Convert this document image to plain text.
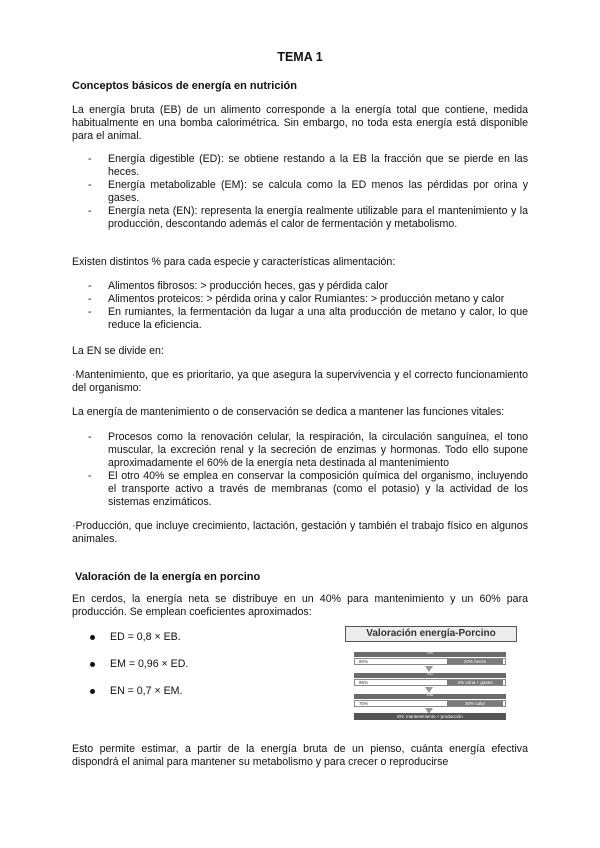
TEMA 1
Conceptos básicos de energía en nutrición
La energía bruta (EB) de un alimento corresponde a la energía total que contiene, medida habitualmente en una bomba calorimétrica. Sin embargo, no toda esta energía está disponible para el animal.
- Energía digestible (ED): se obtiene restando a la EB la fracción que se pierde en las heces.
- Energía metabolizable (EM): se calcula como la ED menos las pérdidas por orina y gases.
- Energía neta (EN): representa la energía realmente utilizable para el mantenimiento y la producción, descontando además el calor de fermentación y metabolismo.
Existen distintos % para cada especie y características alimentación:
- Alimentos fibrosos: > producción heces, gas y pérdida calor
- Alimentos proteicos: > pérdida orina y calor Rumiantes: > producción metano y calor
- En rumiantes, la fermentación da lugar a una alta producción de metano y calor, lo que reduce la eficiencia.
La EN se divide en:
·Mantenimiento, que es prioritario, ya que asegura la supervivencia y el correcto funcionamiento del organismo:
La energía de mantenimiento o de conservación se dedica a mantener las funciones vitales:
- Procesos como la renovación celular, la respiración, la circulación sanguínea, el tono muscular, la excreción renal y la secreción de enzimas y hormonas. Todo ello supone aproximadamente el 60% de la energía neta destinada al mantenimiento
- El otro 40% se emplea en conservar la composición química del organismo, incluyendo el transporte activo a través de membranas (como el potasio) y la actividad de los sistemas enzimáticos.
·Producción, que incluye crecimiento, lactación, gestación y también el trabajo físico en algunos animales.
Valoración de la energía en porcino
En cerdos, la energía neta se distribuye en un 40% para mantenimiento y un 60% para producción. Se emplean coeficientes aproximados:
ED = 0,8 × EB.
EM = 0,96 × ED.
EN = 0,7 × EM.
Valoración energía-Porcino
EB
80%	20% heces
ED
96%	4% orina + gases
EM
70%	30% calor
EN: mantenimiento + producción
Esto permite estimar, a partir de la energía bruta de un pienso, cuánta energía efectiva dispondrá el animal para mantener su metabolismo y para crecer o reproducirse
